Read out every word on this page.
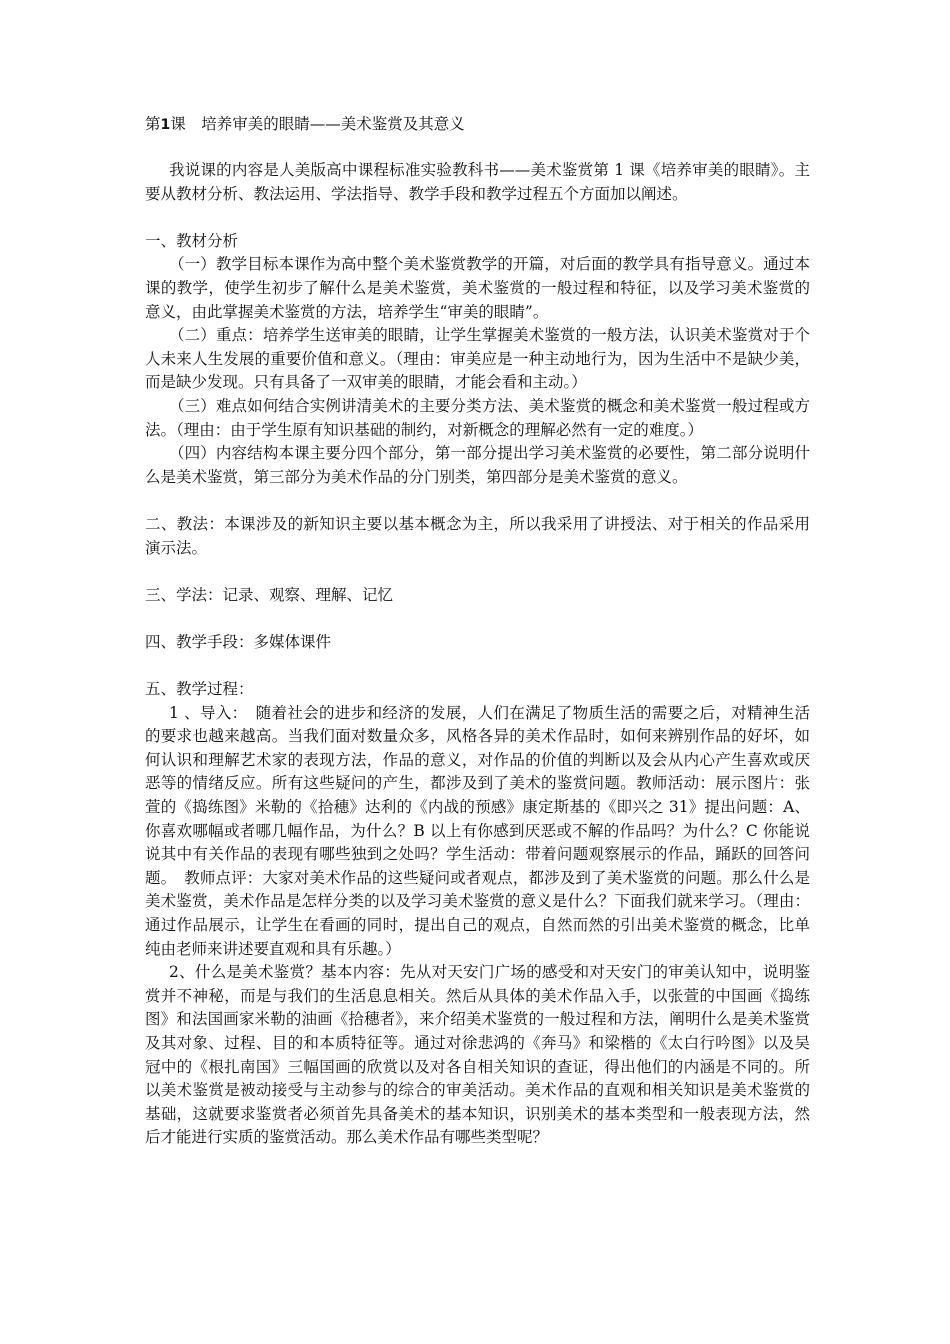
第1课　培养审美的眼睛——美术鉴赏及其意义

我说课的内容是人美版高中课程标准实验教科书——美术鉴赏第 1 课《培养审美的眼睛》。主要从教材分析、教法运用、学法指导、教学手段和教学过程五个方面加以阐述。

一、教材分析

（一）教学目标本课作为高中整个美术鉴赏教学的开篇，对后面的教学具有指导意义。通过本课的教学，使学生初步了解什么是美术鉴赏，美术鉴赏的一般过程和特征，以及学习美术鉴赏的意义，由此掌握美术鉴赏的方法，培养学生“审美的眼睛”。

（二）重点：培养学生送审美的眼睛，让学生掌握美术鉴赏的一般方法，认识美术鉴赏对于个人未来人生发展的重要价值和意义。（理由：审美应是一种主动地行为，因为生活中不是缺少美，而是缺少发现。只有具备了一双审美的眼睛，才能会看和主动。）

（三）难点如何结合实例讲清美术的主要分类方法、美术鉴赏的概念和美术鉴赏一般过程或方法。（理由：由于学生原有知识基础的制约，对新概念的理解必然有一定的难度。）

（四）内容结构本课主要分四个部分，第一部分提出学习美术鉴赏的必要性，第二部分说明什么是美术鉴赏，第三部分为美术作品的分门别类，第四部分是美术鉴赏的意义。

二、教法：本课涉及的新知识主要以基本概念为主，所以我采用了讲授法、对于相关的作品采用演示法。

三、学法：记录、观察、理解、记忆

四、教学手段：多媒体课件

五、教学过程：

1 、导入：　随着社会的进步和经济的发展，人们在满足了物质生活的需要之后，对精神生活的要求也越来越高。当我们面对数量众多，风格各异的美术作品时，如何来辨别作品的好坏，如何认识和理解艺术家的表现方法，作品的意义，对作品的价值的判断以及会从内心产生喜欢或厌恶等的情绪反应。所有这些疑问的产生，都涉及到了美术的鉴赏问题。教师活动：展示图片：张萱的《捣练图》米勒的《拾穗》达利的《内战的预感》康定斯基的《即兴之 31》提出问题：A、你喜欢哪幅或者哪几幅作品，为什么？B 以上有你感到厌恶或不解的作品吗？为什么？C 你能说说其中有关作品的表现有哪些独到之处吗？学生活动：带着问题观察展示的作品，踊跃的回答问题。　教师点评：大家对美术作品的这些疑问或者观点，都涉及到了美术鉴赏的问题。那么什么是美术鉴赏，美术作品是怎样分类的以及学习美术鉴赏的意义是什么？下面我们就来学习。（理由：通过作品展示，让学生在看画的同时，提出自己的观点，自然而然的引出美术鉴赏的概念，比单纯由老师来讲述要直观和具有乐趣。）

2、什么是美术鉴赏？基本内容：先从对天安门广场的感受和对天安门的审美认知中，说明鉴赏并不神秘，而是与我们的生活息息相关。然后从具体的美术作品入手，以张萱的中国画《捣练图》和法国画家米勒的油画《拾穗者》，来介绍美术鉴赏的一般过程和方法，阐明什么是美术鉴赏及其对象、过程、目的和本质特征等。通过对徐悲鸿的《奔马》和梁楷的《太白行吟图》以及吴冠中的《根扎南国》三幅国画的欣赏以及对各自相关知识的查证，得出他们的内涵是不同的。所以美术鉴赏是被动接受与主动参与的综合的审美活动。美术作品的直观和相关知识是美术鉴赏的基础，这就要求鉴赏者必须首先具备美术的基本知识，识别美术的基本类型和一般表现方法，然后才能进行实质的鉴赏活动。那么美术作品有哪些类型呢？
